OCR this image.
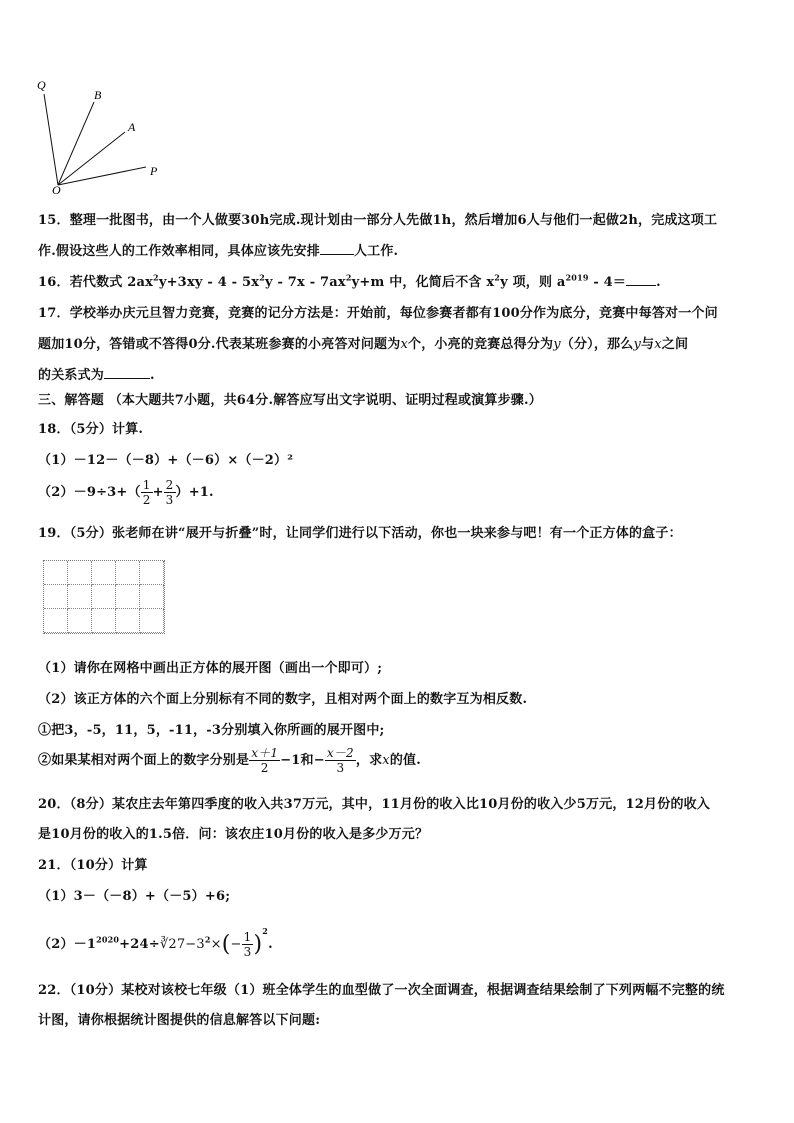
Q
B
A
P
O
15．整理一批图书，由一个人做要30h完成.现计划由一部分人先做1h，然后增加6人与他们一起做2h，完成这项工
作.假设这些人的工作效率相同，具体应该先安排	人工作.
16．若代数式 $2ax^2y+3xy - 4 - 5x^2y - 7x - 7ax^2y+m$ 中，化简后不含 $x^2y$ 项，则 $a^{2019} - 4=$ .
17．学校举办庆元旦智力竞赛，竞赛的记分方法是：开始前，每位参赛者都有100分作为底分，竞赛中每答对一个问
题加10分，答错或不答得0分.代表某班参赛的小亮答对问题为x个，小亮的竞赛总得分为y（分），那么y与x之间
的关系式为	.
三、解答题 （本大题共7小题，共64分.解答应写出文字说明、证明过程或演算步骤.）
18．（5分）计算.
（1）－12－（－8）+（－6）×（－2）²
$(2)-9\div 3+( \frac{1}{2} + \frac{2}{3} )+1$.
19．（5分）张老师在讲“展开与折叠”时，让同学们进行以下活动，你也一块来参与吧！有一个正方体的盒子：
（1）请你在网格中画出正方体的展开图（画出一个即可）;
（2）该正方体的六个面上分别标有不同的数字，且相对两个面上的数字互为相反数.
①把3，-5，11，5，-11，-3分别填入你所画的展开图中;
②如果某相对两个面上的数字分别是 $\frac{x+1}{2} -1$和− $\frac{x-2}{3}$ ，求x的值.
20．（8分）某农庄去年第四季度的收入共37万元，其中，11月份的收入比10月份的收入少5万元，12月份的收入
是10月份的收入的1.5倍．问：该农庄10月份的收入是多少万元？
21．（10分）计算
（1）3－（－8）+（－5）+6;
$(2)-1^{2020}+24\div∛27-3^2\times(- \frac{1}{3} )^2$.
22．（10分）某校对该校七年级（1）班全体学生的血型做了一次全面调查，根据调查结果绘制了下列两幅不完整的统
计图，请你根据统计图提供的信息解答以下问题:
